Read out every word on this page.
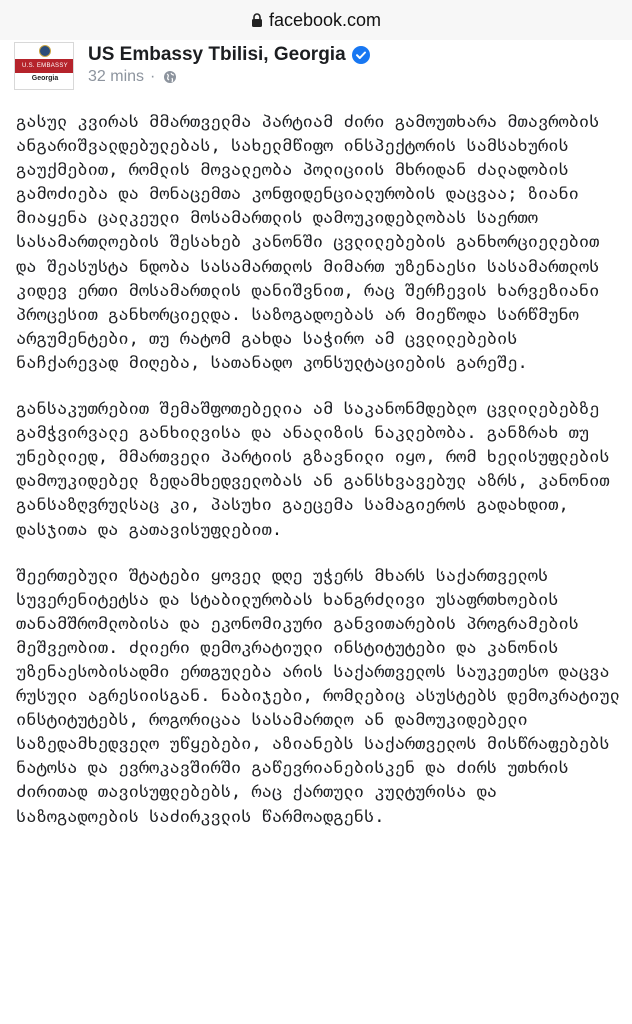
facebook.com
U.S. EMBASSY
Georgia
US Embassy Tbilisi, Georgia
32 mins ·

გასულ კვირას მმართველმა პარტიამ ძირი გამოუთხარა მთავრობის ანგარიშვალდებულებას, სახელმწიფო ინსპექტორის სამსახურის გაუქმებით, რომლის მოვალეობა პოლიციის მხრიდან ძალადობის გამოძიება და მონაცემთა კონფიდენციალურობის დაცვაა; ზიანი მიაყენა ცალკეული მოსამართლის დამოუკიდებლობას საერთო სასამართლოების შესახებ კანონში ცვლილებების განხორციელებით და შეასუსტა ნდობა სასამართლოს მიმართ უზენაესი სასამართლოს კიდევ ერთი მოსამართლის დანიშვნით, რაც შერჩევის ხარვეზიანი პროცესით განხორციელდა. საზოგადოებას არ მიეწოდა სარწმუნო არგუმენტები, თუ რატომ გახდა საჭირო ამ ცვლილებების ნაჩქარევად მიღება, სათანადო კონსულტაციების გარეშე.

განსაკუთრებით შემაშფოთებელია ამ საკანონმდებლო ცვლილებებზე გამჭვირვალე განხილვისა და ანალიზის ნაკლებობა. განზრახ თუ უნებლიედ, მმართველი პარტიის გზავნილი იყო, რომ ხელისუფლების დამოუკიდებელ ზედამხედველობას ან განსხვავებულ აზრს, კანონით განსაზღვრულსაც კი, პასუხი გაეცემა სამაგიეროს გადახდით, დასჯითა და გათავისუფლებით.

შეერთებული შტატები ყოველ დღე უჭერს მხარს საქართველოს სუვერენიტეტსა და სტაბილურობას ხანგრძლივი უსაფრთხოების თანამშრომლობისა და ეკონომიკური განვითარების პროგრამების მეშვეობით. ძლიერი დემოკრატიული ინსტიტუტები და კანონის უზენაესობისადმი ერთგულება არის საქართველოს საუკეთესო დაცვა რუსული აგრესიისგან. ნაბიჯები, რომლებიც ასუსტებს დემოკრატიულ ინსტიტუტებს, როგორიცაა სასამართლო ან დამოუკიდებელი საზედამხედველო უწყებები, აზიანებს საქართველოს მისწრაფებებს ნატოსა და ევროკავშირში გაწევრიანებისკენ და ძირს უთხრის ძირითად თავისუფლებებს, რაც ქართული კულტურისა და საზოგადოების საძირკვლის წარმოადგენს.
